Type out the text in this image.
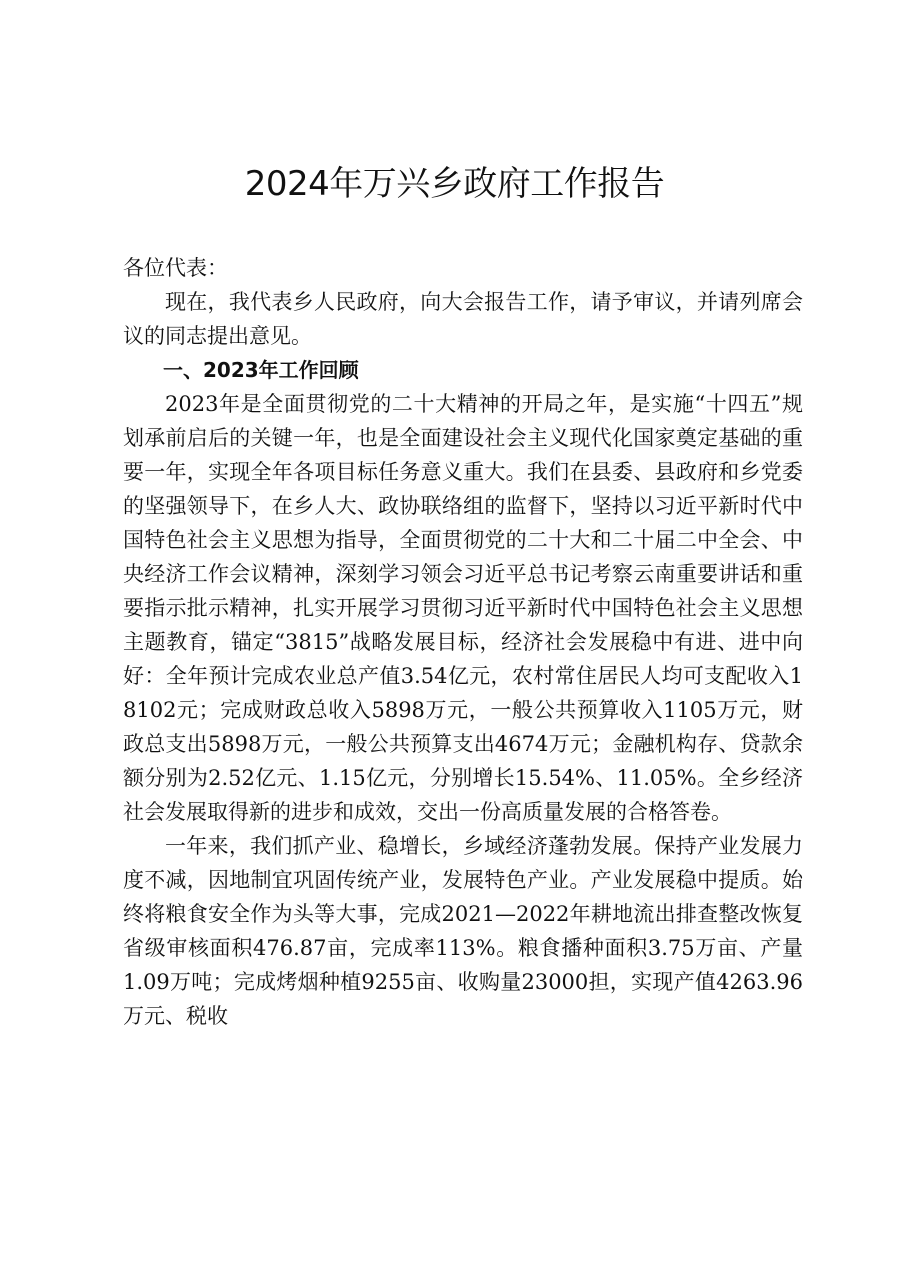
2024年万兴乡政府工作报告

各位代表：

现在，我代表乡人民政府，向大会报告工作，请予审议，并请列席会议的同志提出意见。

一、2023年工作回顾

2023年是全面贯彻党的二十大精神的开局之年，是实施“十四五”规划承前启后的关键一年，也是全面建设社会主义现代化国家奠定基础的重要一年，实现全年各项目标任务意义重大。我们在县委、县政府和乡党委的坚强领导下，在乡人大、政协联络组的监督下，坚持以习近平新时代中国特色社会主义思想为指导，全面贯彻党的二十大和二十届二中全会、中央经济工作会议精神，深刻学习领会习近平总书记考察云南重要讲话和重要指示批示精神，扎实开展学习贯彻习近平新时代中国特色社会主义思想主题教育，锚定“3815”战略发展目标，经济社会发展稳中有进、进中向好：全年预计完成农业总产值3.54亿元，农村常住居民人均可支配收入18102元；完成财政总收入5898万元，一般公共预算收入1105万元，财政总支出5898万元，一般公共预算支出4674万元；金融机构存、贷款余额分别为2.52亿元、1.15亿元，分别增长15.54%、11.05%。全乡经济社会发展取得新的进步和成效，交出一份高质量发展的合格答卷。

一年来，我们抓产业、稳增长，乡域经济蓬勃发展。保持产业发展力度不减，因地制宜巩固传统产业，发展特色产业。产业发展稳中提质。始终将粮食安全作为头等大事，完成2021—2022年耕地流出排查整改恢复省级审核面积476.87亩，完成率113%。粮食播种面积3.75万亩、产量1.09万吨；完成烤烟种植9255亩、收购量23000担，实现产值4263.96万元、税收
